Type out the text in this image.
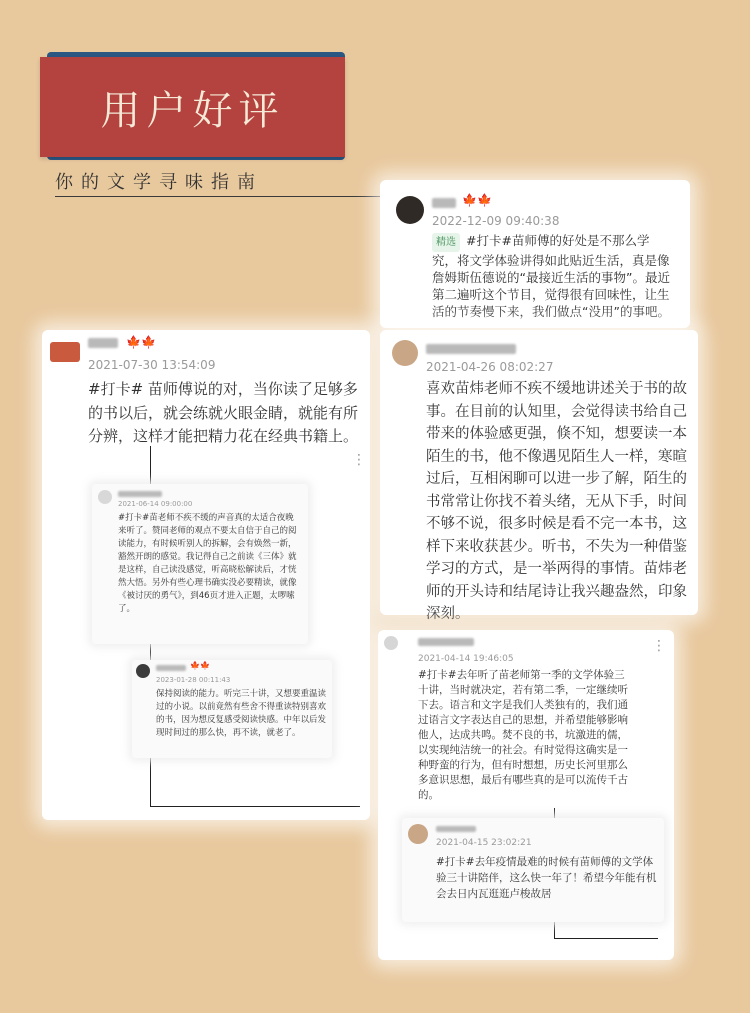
用户好评
你的文学寻味指南
🍁🍁
2022-12-09 09:40:38
精选 #打卡#苗师傅的好处是不那么学究，将文学体验讲得如此贴近生活，真是像詹姆斯伍德说的“最接近生活的事物”。最近第二遍听这个节目，觉得很有回味性，让生活的节奏慢下来，我们做点“没用”的事吧。
2021-04-26 08:02:27
喜欢苗炜老师不疾不缓地讲述关于书的故事。在目前的认知里，会觉得读书给自己带来的体验感更强，倏不知，想要读一本陌生的书，他不像遇见陌生人一样，寒暄过后，互相闲聊可以进一步了解，陌生的书常常让你找不着头绪，无从下手，时间不够不说，很多时候是看不完一本书，这样下来收获甚少。听书，不失为一种借鉴学习的方式，是一举两得的事情。苗炜老师的开头诗和结尾诗让我兴趣盎然，印象深刻。
🍁🍁
2021-07-30 13:54:09
#打卡# 苗师傅说的对，当你读了足够多的书以后，就会练就火眼金睛，就能有所分辨，这样才能把精力花在经典书籍上。
⋮
2021-06-14 09:00:00
#打卡#苗老师不疾不缓的声音真的太适合夜晚来听了。赞同老师的观点不要太自信于自己的阅读能力，有时候听别人的拆解，会有焕然一新，豁然开朗的感觉。我记得自己之前读《三体》就是这样，自己读没感觉，听高晓松解读后，才恍然大悟。另外有些心理书确实没必要精读，就像《被讨厌的勇气》，到46页才进入正题，太啰嗦了。
🍁🍁
2023-01-28 00:11:43
保持阅读的能力。听完三十讲，又想要重温读过的小说。以前竟然有些舍不得重读特别喜欢的书，因为想反复感受阅读快感。中年以后发现时间过的那么快，再不读，就老了。
2021-04-14 19:46:05
#打卡#去年听了苗老师第一季的文学体验三十讲，当时就决定，若有第二季，一定继续听下去。语言和文字是我们人类独有的，我们通过语言文字表达自己的思想，并希望能够影响他人，达成共鸣。焚不良的书，坑激进的儒，以实现纯洁统一的社会。有时觉得这确实是一种野蛮的行为，但有时想想，历史长河里那么多意识思想，最后有哪些真的是可以流传千古的。
⋮
2021-04-15 23:02:21
#打卡#去年疫情最难的时候有苗师傅的文学体验三十讲陪伴，这么快一年了！希望今年能有机会去日内瓦逛逛卢梭故居
